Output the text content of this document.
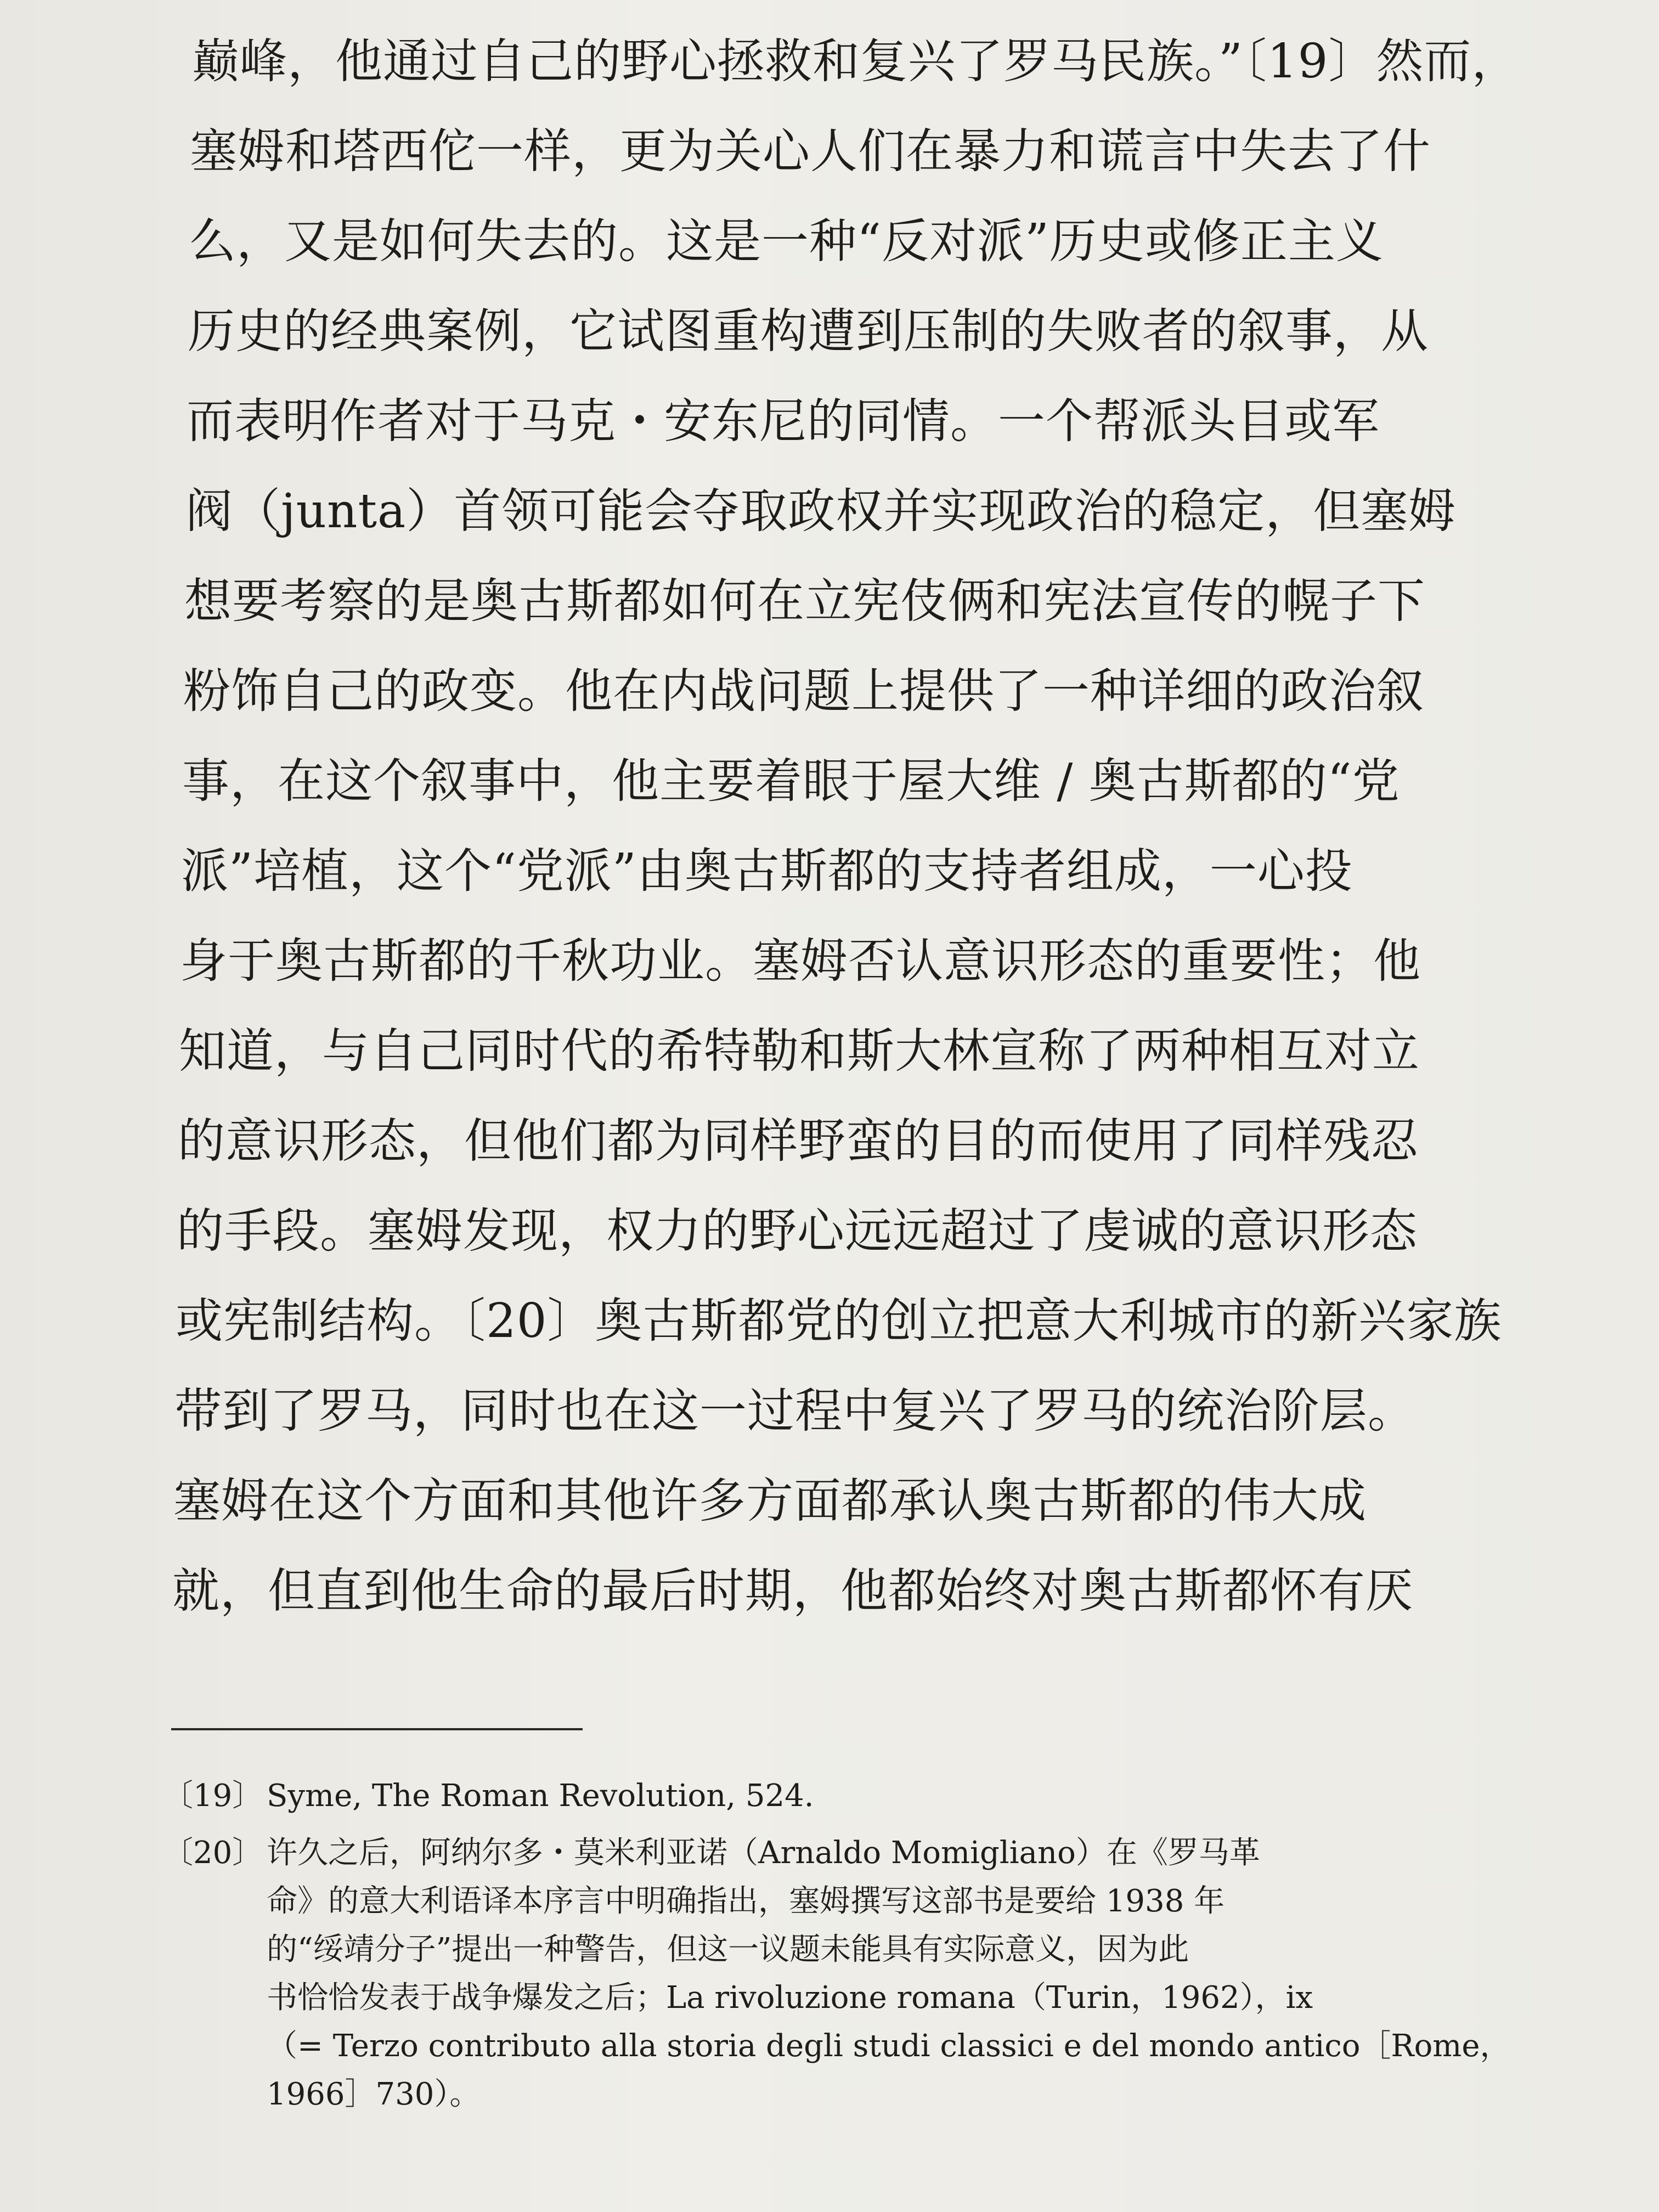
巅峰，他通过自己的野心拯救和复兴了罗马民族。”〔19〕然而，
塞姆和塔西佗一样，更为关心人们在暴力和谎言中失去了什
么，又是如何失去的。这是一种“反对派”历史或修正主义
历史的经典案例，它试图重构遭到压制的失败者的叙事，从
而表明作者对于马克・安东尼的同情。一个帮派头目或军
阀（junta）首领可能会夺取政权并实现政治的稳定，但塞姆
想要考察的是奥古斯都如何在立宪伎俩和宪法宣传的幌子下
粉饰自己的政变。他在内战问题上提供了一种详细的政治叙
事，在这个叙事中，他主要着眼于屋大维 / 奥古斯都的“党
派”培植，这个“党派”由奥古斯都的支持者组成，一心投
身于奥古斯都的千秋功业。塞姆否认意识形态的重要性；他
知道，与自己同时代的希特勒和斯大林宣称了两种相互对立
的意识形态，但他们都为同样野蛮的目的而使用了同样残忍
的手段。塞姆发现，权力的野心远远超过了虔诚的意识形态
或宪制结构。〔20〕奥古斯都党的创立把意大利城市的新兴家族
带到了罗马，同时也在这一过程中复兴了罗马的统治阶层。
塞姆在这个方面和其他许多方面都承认奥古斯都的伟大成
就，但直到他生命的最后时期，他都始终对奥古斯都怀有厌
〔19〕 Syme, The Roman Revolution, 524.
〔20〕 许久之后，阿纳尔多・莫米利亚诺（Arnaldo Momigliano）在《罗马革
命》的意大利语译本序言中明确指出，塞姆撰写这部书是要给 1938 年
的“绥靖分子”提出一种警告，但这一议题未能具有实际意义，因为此
书恰恰发表于战争爆发之后；La rivoluzione romana（Turin，1962），ix
（= Terzo contributo alla storia degli studi classici e del mondo antico［Rome，
1966］730）。
